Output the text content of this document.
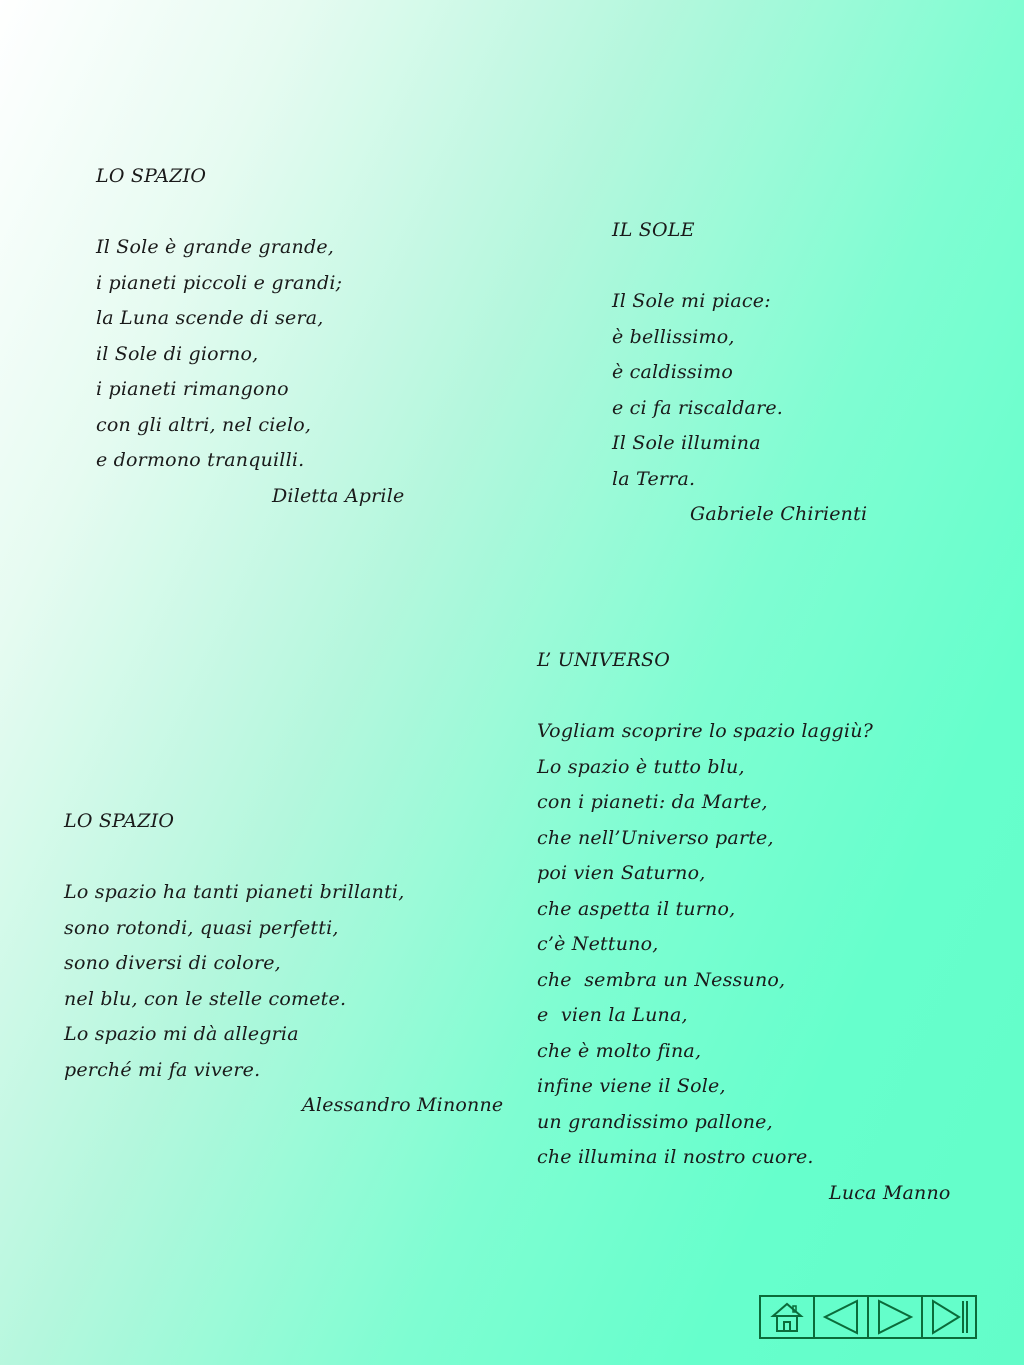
LO SPAZIO
Il Sole è grande grande,
i pianeti piccoli e grandi;
la Luna scende di sera,
il Sole di giorno,
i pianeti rimangono
con gli altri, nel cielo,
e dormono tranquilli.
Diletta Aprile
IL SOLE
Il Sole mi piace:
è bellissimo,
è caldissimo
e ci fa riscaldare.
Il Sole illumina
la Terra.
Gabriele Chirienti
LO SPAZIO
Lo spazio ha tanti pianeti brillanti,
sono rotondi, quasi perfetti,
sono diversi di colore,
nel blu, con le stelle comete.
Lo spazio mi dà allegria
perché mi fa vivere.
Alessandro Minonne
L’ UNIVERSO
Vogliam scoprire lo spazio laggiù?
Lo spazio è tutto blu,
con i pianeti: da Marte,
che nell’Universo parte,
poi vien Saturno,
che aspetta il turno,
c’è Nettuno,
che  sembra un Nessuno,
e  vien la Luna,
che è molto fina,
infine viene il Sole,
un grandissimo pallone,
che illumina il nostro cuore.
Luca Manno
